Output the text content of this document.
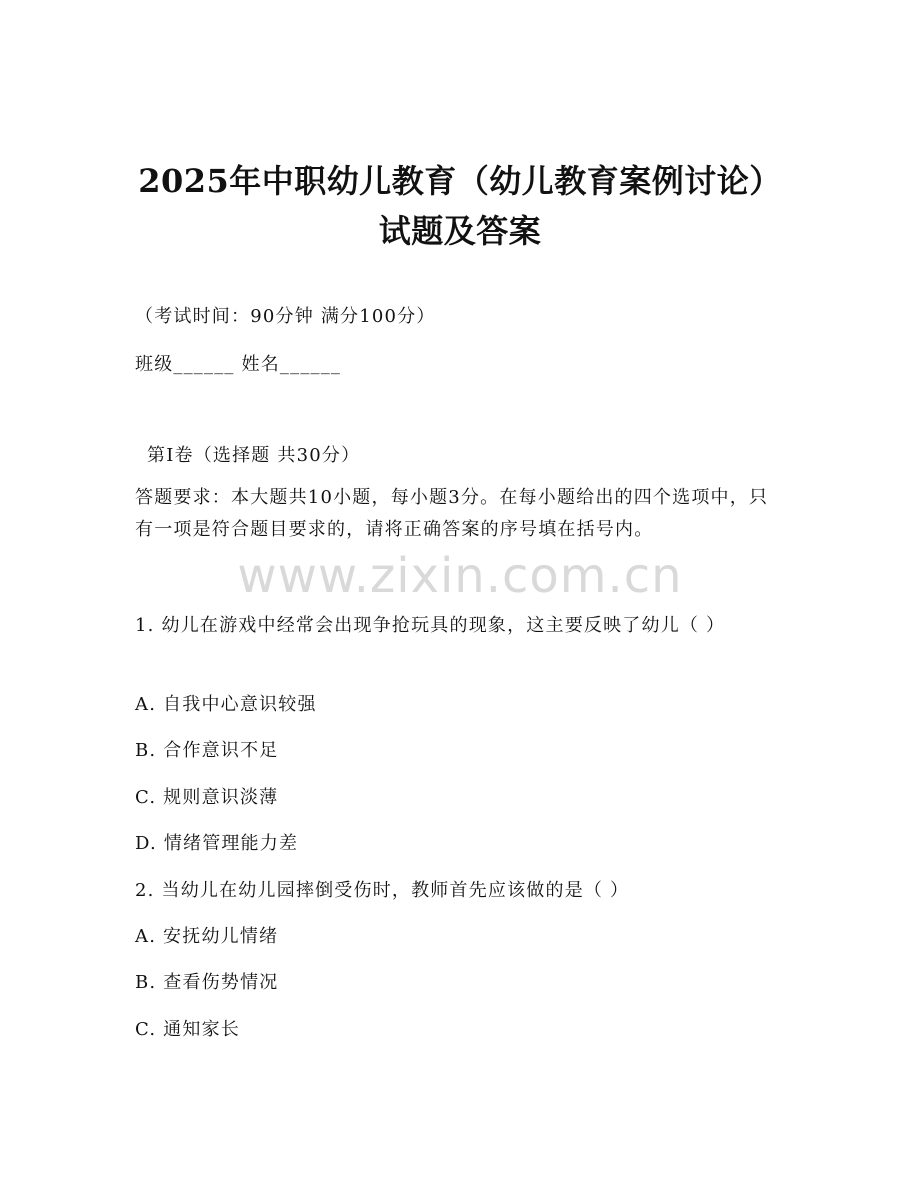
2025年中职幼儿教育（幼儿教育案例讨论）
试题及答案
（考试时间：90分钟 满分100分）
班级______ 姓名______
第I卷（选择题 共30分）
答题要求：本大题共10小题，每小题3分。在每小题给出的四个选项中，只有一项是符合题目要求的，请将正确答案的序号填在括号内。
www.zixin.com.cn
1. 幼儿在游戏中经常会出现争抢玩具的现象，这主要反映了幼儿（ ）
A. 自我中心意识较强
B. 合作意识不足
C. 规则意识淡薄
D. 情绪管理能力差
2. 当幼儿在幼儿园摔倒受伤时，教师首先应该做的是（ ）
A. 安抚幼儿情绪
B. 查看伤势情况
C. 通知家长
